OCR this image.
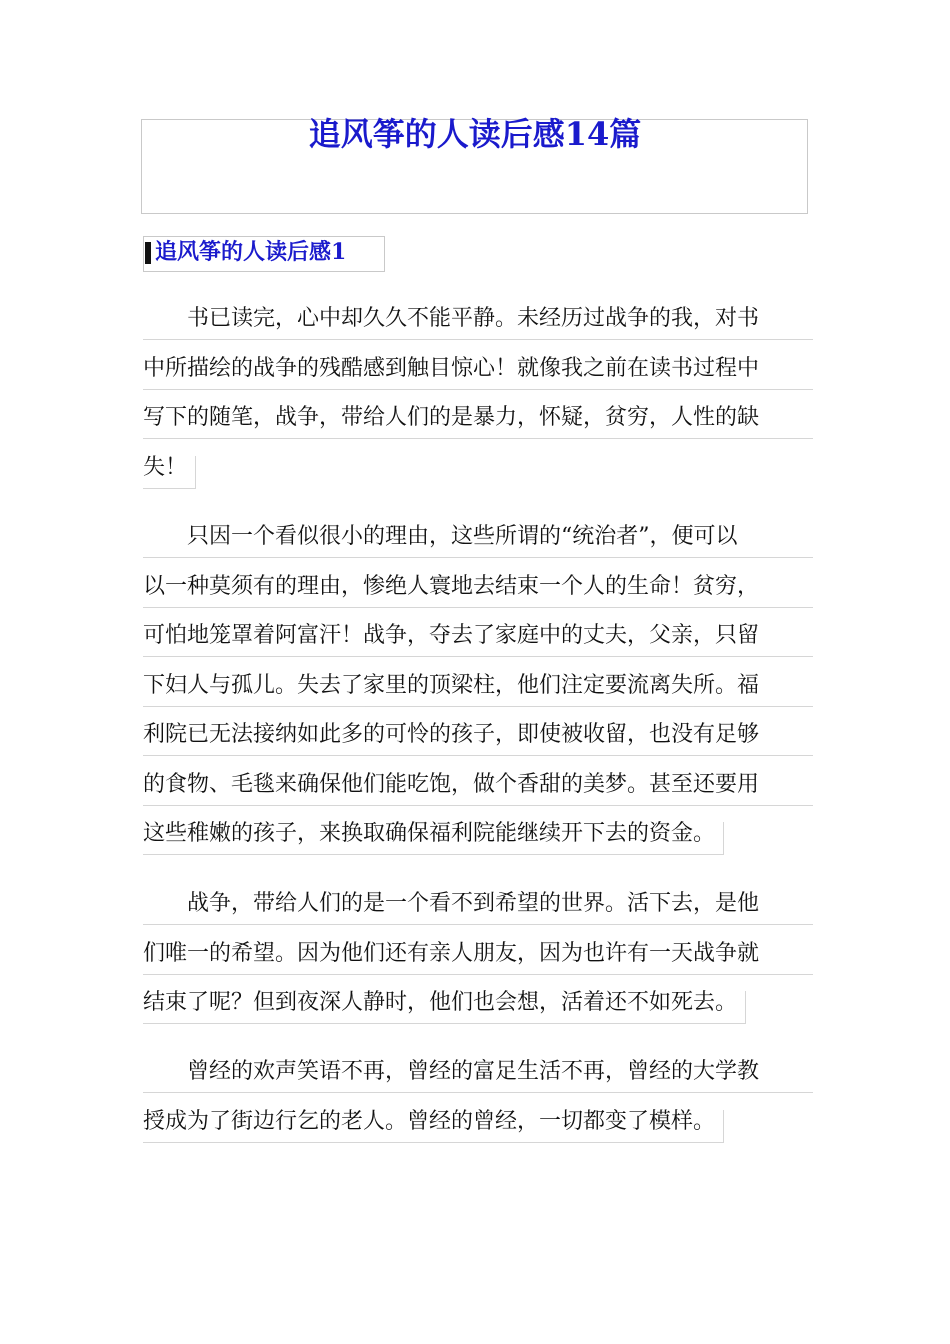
追风筝的人读后感14篇
追风筝的人读后感1
　　书已读完，心中却久久不能平静。未经历过战争的我，对书
中所描绘的战争的残酷感到触目惊心！就像我之前在读书过程中
写下的随笔，战争，带给人们的是暴力，怀疑，贫穷，人性的缺
失！
　　只因一个看似很小的理由，这些所谓的“统治者”，便可以
以一种莫须有的理由，惨绝人寰地去结束一个人的生命！贫穷，
可怕地笼罩着阿富汗！战争，夺去了家庭中的丈夫，父亲，只留
下妇人与孤儿。失去了家里的顶梁柱，他们注定要流离失所。福
利院已无法接纳如此多的可怜的孩子，即使被收留，也没有足够
的食物、毛毯来确保他们能吃饱，做个香甜的美梦。甚至还要用
这些稚嫩的孩子，来换取确保福利院能继续开下去的资金。
　　战争，带给人们的是一个看不到希望的世界。活下去，是他
们唯一的希望。因为他们还有亲人朋友，因为也许有一天战争就
结束了呢？但到夜深人静时，他们也会想，活着还不如死去。
　　曾经的欢声笑语不再，曾经的富足生活不再，曾经的大学教
授成为了街边行乞的老人。曾经的曾经，一切都变了模样。
